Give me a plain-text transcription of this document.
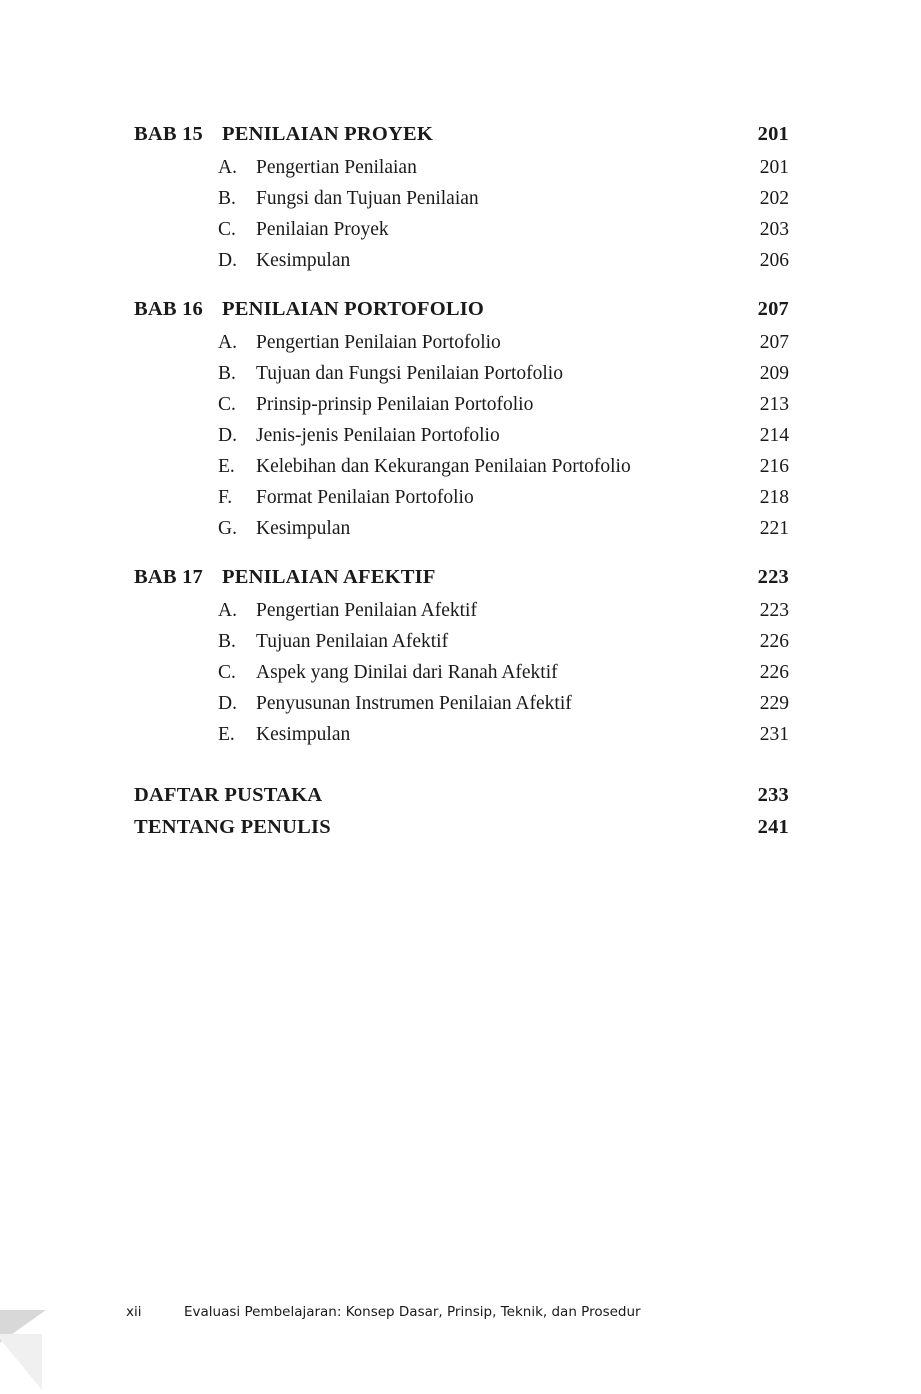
BAB 15 PENILAIAN PROYEK	201
A. Pengertian Penilaian	201
B.	Fungsi dan Tujuan Penilaian	202
C.	Penilaian Proyek	203
D. Kesimpulan	206
BAB 16 PENILAIAN PORTOFOLIO	207
A. Pengertian Penilaian Portofolio	207
B.	Tujuan dan Fungsi Penilaian Portofolio	209
C.	Prinsip-prinsip Penilaian Portofolio	213
D. Jenis-jenis Penilaian Portofolio	214
E.	Kelebihan dan Kekurangan Penilaian Portofolio	216
F.	Format Penilaian Portofolio	218
G. Kesimpulan	221
BAB 17 PENILAIAN AFEKTIF	223
A. Pengertian Penilaian Afektif	223
B.	Tujuan Penilaian Afektif	226
C.	Aspek yang Dinilai dari Ranah Afektif	226
D. Penyusunan Instrumen Penilaian Afektif	229
E.	Kesimpulan	231
DAFTAR PUSTAKA	233
TENTANG PENULIS	241
xii	Evaluasi Pembelajaran: Konsep Dasar, Prinsip, Teknik, dan Prosedur
